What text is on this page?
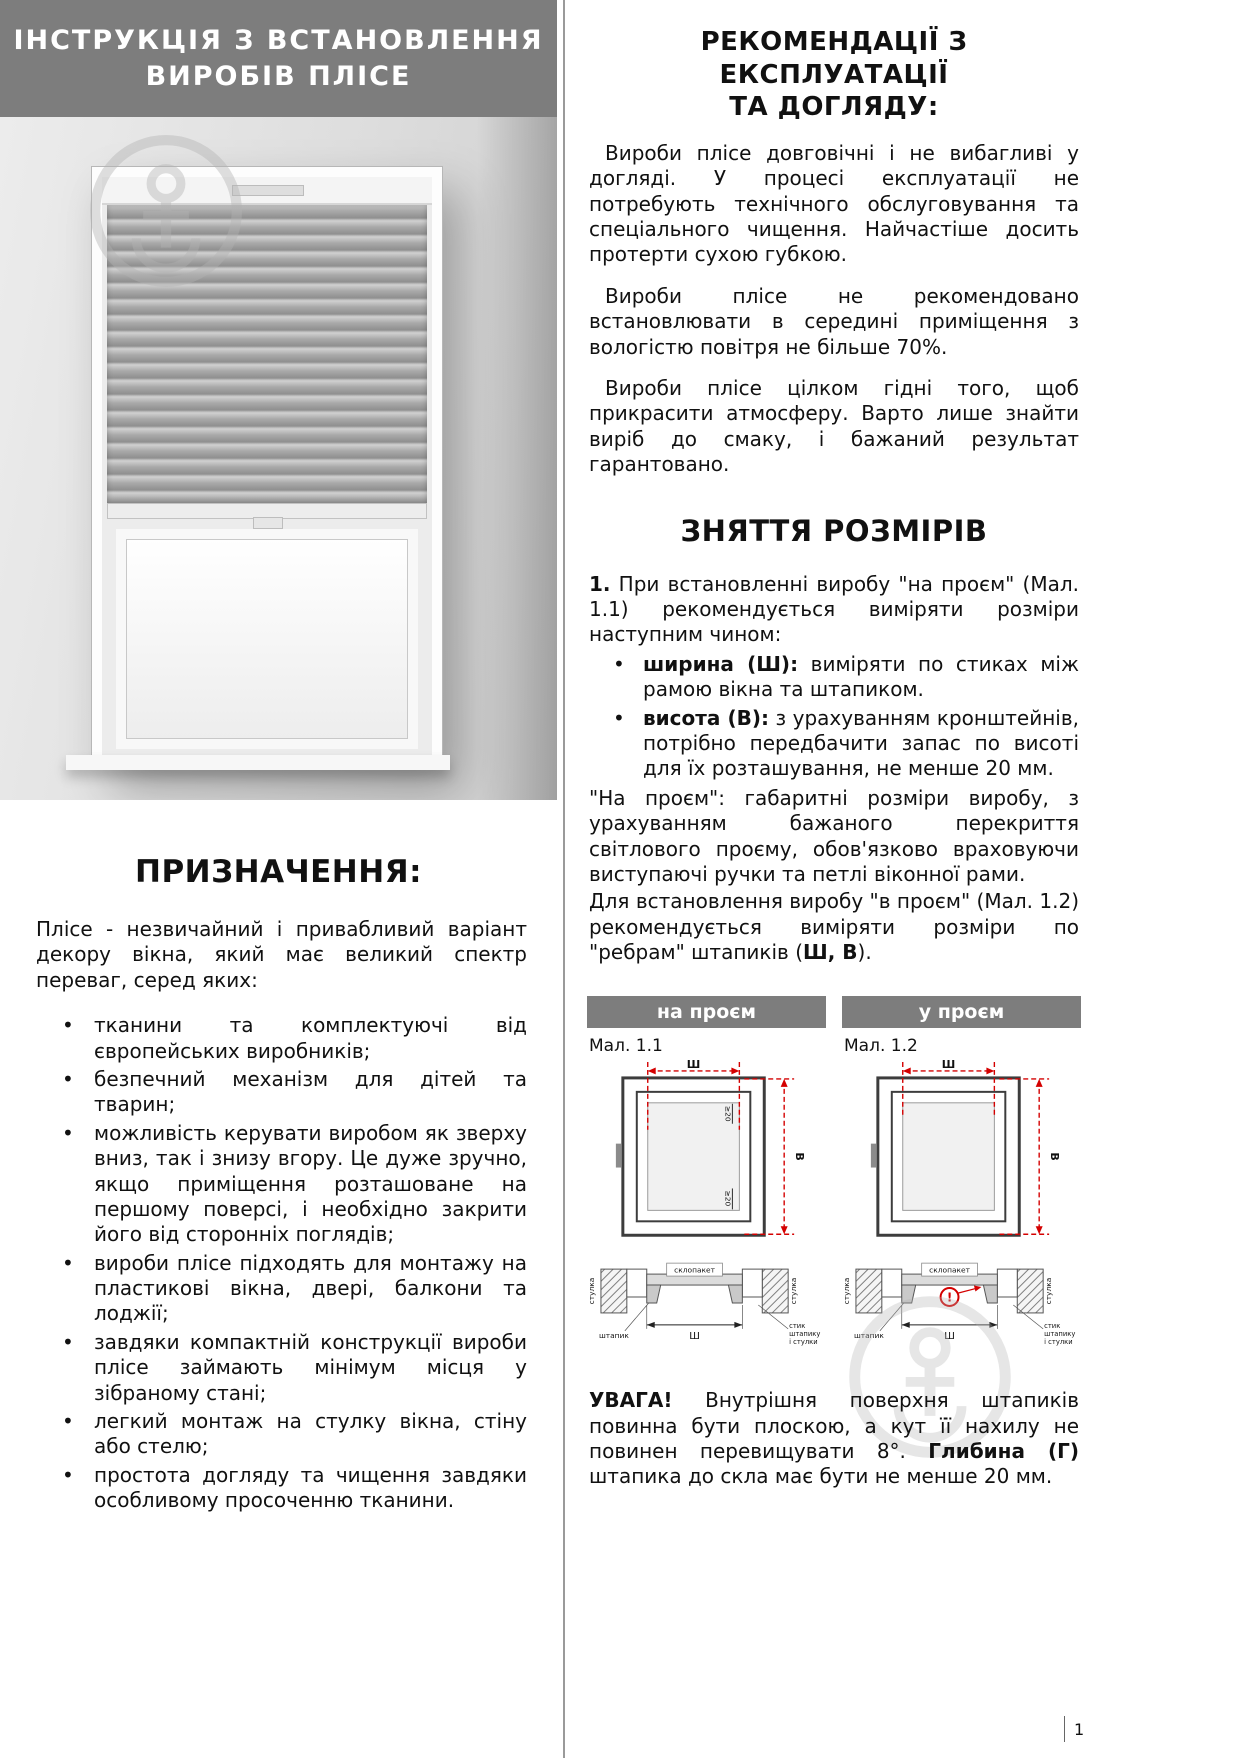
ІНСТРУКЦІЯ З ВСТАНОВЛЕННЯ
ВИРОБІВ ПЛІСЕ
ПРИЗНАЧЕННЯ:

Плісе - незвичайний і привабливий варіант декору вікна, який має великий спектр переваг, серед яких:

• тканини та комплектуючі від європейських виробників;
• безпечний механізм для дітей та тварин;
• можливість керувати виробом як зверху вниз, так і знизу вгору. Це дуже зручно, якщо приміщення розташоване на першому поверсі, і необхідно закрити його від сторонніх поглядів;
• вироби плісе підходять для монтажу на пластикові вікна, двері, балкони та лоджії;
• завдяки компактній конструкції вироби плісе займають мінімум місця у зібраному стані;
• легкий монтаж на стулку вікна, стіну або стелю;
• простота догляду та чищення завдяки особливому просоченню тканини.
РЕКОМЕНДАЦІЇ З ЕКСПЛУАТАЦІЇ
ТА ДОГЛЯДУ:

Вироби плісе довговічні і не вибагливі у догляді. У процесі експлуатації не потребують технічного обслуговування та спеціального чищення. Найчастіше досить протерти сухою губкою.

Вироби плісе не рекомендовано встановлювати в середині приміщення з вологістю повітря не більше 70%.

Вироби плісе цілком гідні того, щоб прикрасити атмосферу. Варто лише знайти виріб до смаку, і бажаний результат гарантовано.

ЗНЯТТЯ РОЗМІРІВ

1. При встановленні виробу "на проєм" (Мал. 1.1) рекомендується виміряти розміри наступним чином:

• ширина (Ш): виміряти по стиках між рамою вікна та штапиком.
• висота (В): з урахуванням кронштейнів, потрібно передбачити запас по висоті для їх розташування, не менше 20 мм.

"На проєм": габаритні розміри виробу, з урахуванням бажаного перекриття світлового проєму, обов'язково враховуючи виступаючі ручки та петлі віконної рами.

Для встановлення виробу "в проєм" (Мал. 1.2) рекомендується виміряти розміри по "ребрам" штапиків (Ш, В).

на проєм
Мал. 1.1
Ш
В
≥20
≥20
склопакет
стулка	стулка
штапик	Ш
стик
штапику
і стулки
у проєм
Мал. 1.2
Ш
В
склопакет
стулка	стулка
!
штапик	Ш
стик
штапику
і стулки

УВАГА! Внутрішня поверхня штапиків повинна бути плоскою, а кут її нахилу не повинен перевищувати 8°. Глибина (Г) штапика до скла має бути не менше 20 мм.

1
